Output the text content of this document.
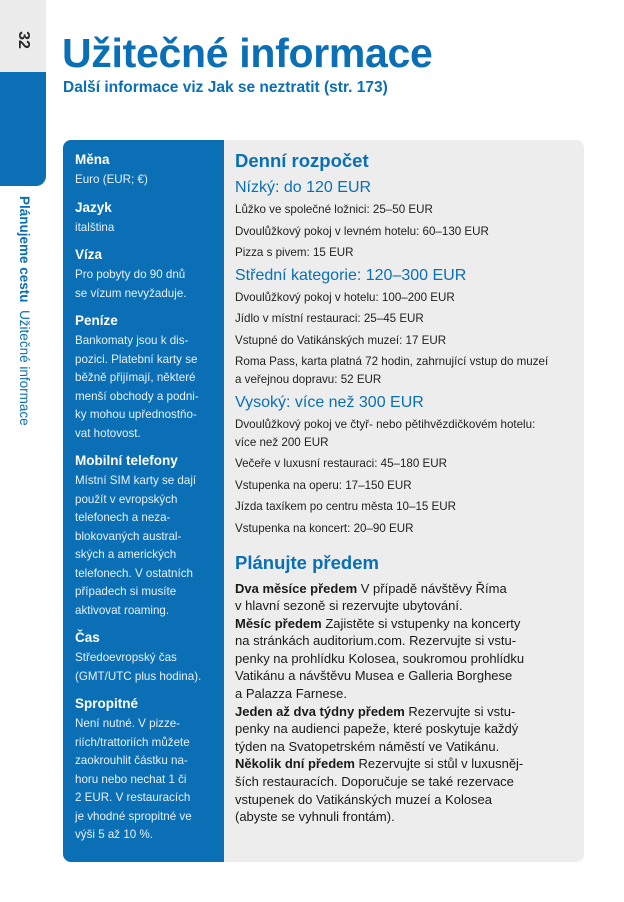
32
Plánujeme cestu  Užitečné informace
Užitečné informace
Další informace viz Jak se neztratit (str. 173)
Měna
Euro (EUR; €)
Jazyk
italština
Víza
Pro pobyty do 90 dnů
se vízum nevyžaduje.
Peníze
Bankomaty jsou k dis-
pozici. Platební karty se
běžně přijímají, některé
menší obchody a podni-
ky mohou upřednostňo-
vat hotovost.
Mobilní telefony
Místní SIM karty se dají
použít v evropských
telefonech a neza-
blokovaných austral-
ských a amerických
telefonech. V ostatních
případech si musíte
aktivovat roaming.
Čas
Středoevropský čas
(GMT/UTC plus hodina).
Spropitné
Není nutné. V pizze-
riích/trattoriích můžete
zaokrouhlit částku na-
horu nebo nechat 1 či
2 EUR. V restauracích
je vhodné spropitné ve
výši 5 až 10 %.
Denní rozpočet
Nízký: do 120 EUR
Lůžko ve společné ložnici: 25–50 EUR
Dvoulůžkový pokoj v levném hotelu: 60–130 EUR
Pizza s pivem: 15 EUR
Střední kategorie: 120–300 EUR
Dvoulůžkový pokoj v hotelu: 100–200 EUR
Jídlo v místní restauraci: 25–45 EUR
Vstupné do Vatikánských muzeí: 17 EUR
Roma Pass, karta platná 72 hodin, zahrnující vstup do muzeí
a veřejnou dopravu: 52 EUR
Vysoký: více než 300 EUR
Dvoulůžkový pokoj ve čtyř- nebo pětihvězdičkovém hotelu:
více než 200 EUR
Večeře v luxusní restauraci: 45–180 EUR
Vstupenka na operu: 17–150 EUR
Jízda taxíkem po centru města 10–15 EUR
Vstupenka na koncert: 20–90 EUR
Plánujte předem
Dva měsíce předem V případě návštěvy Říma
v hlavní sezoně si rezervujte ubytování.
Měsíc předem Zajistěte si vstupenky na koncerty
na stránkách auditorium.com. Rezervujte si vstu-
penky na prohlídku Kolosea, soukromou prohlídku
Vatikánu a návštěvu Musea e Galleria Borghese
a Palazza Farnese.
Jeden až dva týdny předem Rezervujte si vstu-
penky na audienci papeže, které poskytuje každý
týden na Svatopetrském náměstí ve Vatikánu.
Několik dní předem Rezervujte si stůl v luxusněj-
ších restauracích. Doporučuje se také rezervace
vstupenek do Vatikánských muzeí a Kolosea
(abyste se vyhnuli frontám).
